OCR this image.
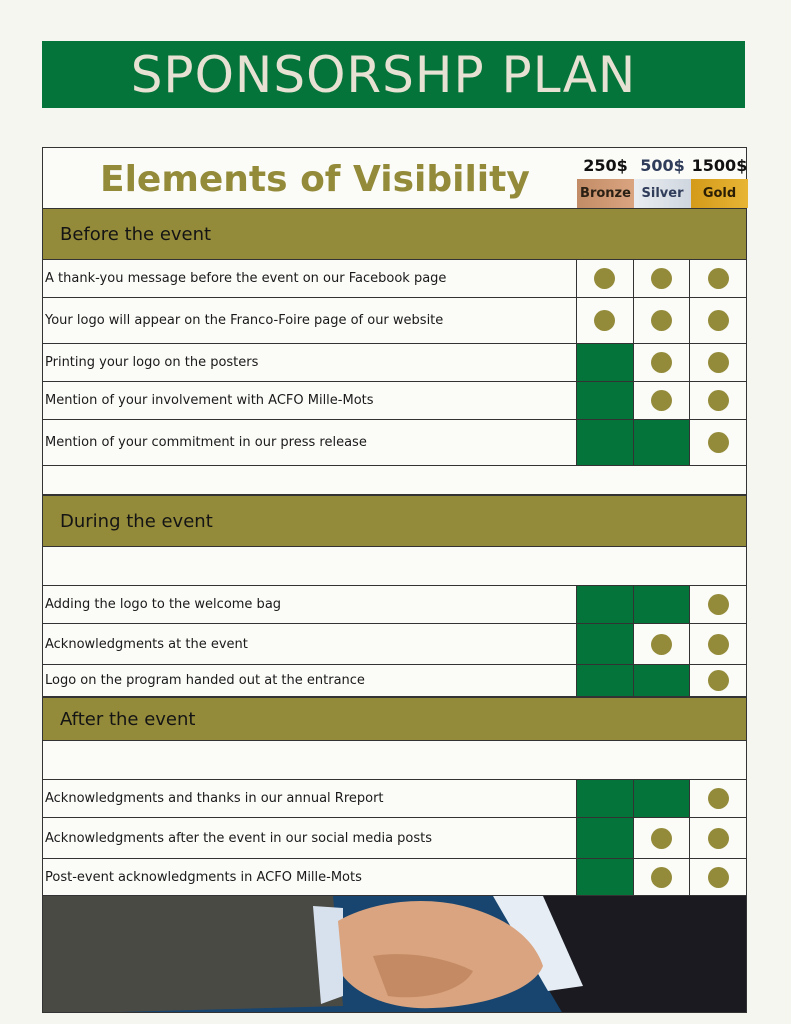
SPONSORSHP PLAN
Elements of Visibility	250$
Bronze
500$
Silver
1500$
Gold
Before the event
A thank-you message before the event on our Facebook page
Your logo will appear on the Franco-Foire page of our website
Printing your logo on the posters
Mention of your involvement with ACFO Mille-Mots
Mention of your commitment in our press release
During the event
Adding the logo to the welcome bag
Acknowledgments at the event
Logo on the program handed out at the entrance
After the event
Acknowledgments and thanks in our annual Rreport
Acknowledgments after the event in our social media posts
Post-event acknowledgments in ACFO Mille-Mots
